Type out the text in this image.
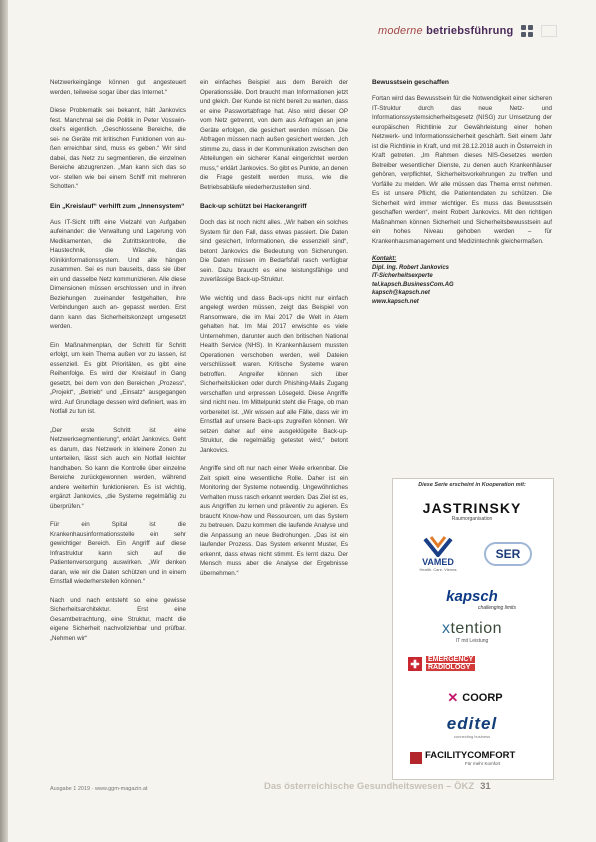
moderne betriebsführung

Netzwerkeingänge können gut angesteuert werden, teilweise sogar über das Internet.“

Diese Problematik sei bekannt, hält Jankovics fest. Manchmal sei die Politik in Peter Vosswin- ckel‘s eigentlich. „Geschlossene Bereiche, die sei- ne Geräte mit kritischen Funktionen von au- ßen erreichbar sind, muss es geben.“ Wir sind dabei, das Netz zu segmentieren, die einzelnen Bereiche abzugrenzen. „Man kann sich das so vor- stellen wie bei einem Schiff mit mehreren Schotten.“

Ein „Kreislauf“ verhilft zum „Innensystem“

Aus IT-Sicht trifft eine Vielzahl von Aufgaben aufeinander: die Verwaltung und Lagerung von Medikamenten, die Zutrittskontrolle, die Haustechnik, die Wäsche, das Klinikinformationssystem. Und alle hängen zusammen. Sei es nun bauseits, dass sie über ein und dasselbe Netz kommunizieren. Alle diese Dimensionen müssen erschlossen und in ihren Beziehungen zueinander festgehalten, ihre Verbindungen auch an- gepasst werden. Erst dann kann das Sicherheitskonzept umgesetzt werden.

Ein Maßnahmenplan, der Schritt für Schritt erfolgt, um kein Thema außen vor zu lassen, ist essenziell. Es gibt Prioritäten, es gibt eine Reihenfolge. Es wird der Kreislauf in Gang gesetzt, bei dem von den Bereichen „Prozess“, „Projekt“, „Betrieb“ und „Einsatz“ ausgegangen wird. Auf Grundlage dessen wird definiert, was im Notfall zu tun ist.

„Der erste Schritt ist eine Netzwerksegmentierung“, erklärt Jankovics. Geht es darum, das Netzwerk in kleinere Zonen zu unterteilen, lässt sich auch ein Notfall leichter handhaben. So kann die Kontrolle über einzelne Bereiche zurückgewonnen werden, während andere weiterhin funktionieren. Es ist wichtig, ergänzt Jankovics, „die Systeme regelmäßig zu überprüfen.“

Für ein Spital ist die Krankenhausinformationsstelle ein sehr gewichtiger Bereich. Ein Angriff auf diese Infrastruktur kann sich auf die Patientenversorgung auswirken. „Wir denken daran, wie wir die Daten schützen und in einem Ernstfall wiederherstellen können.“

Nach und nach entsteht so eine gewisse Sicherheitsarchitektur. Erst eine Gesamtbetrachtung, eine Struktur, macht die eigene Sicherheit nachvollziehbar und prüfbar. „Nehmen wir“

ein einfaches Beispiel aus dem Bereich der Operationssäle. Dort braucht man Informationen jetzt und gleich. Der Kunde ist nicht bereit zu warten, dass er eine Passwortabfrage hat. Also wird dieser OP vom Netz getrennt, von dem aus Anfragen an jene Geräte erfolgen, die gesichert werden müssen. Die Abfragen müssen nach außen gesichert werden. „Ich stimme zu, dass in der Kommunikation zwischen den Abteilungen ein sicherer Kanal eingerichtet werden muss,“ erklärt Jankovics. So gibt es Punkte, an denen die Frage gestellt werden muss, wie die Betriebsabläufe wiederherzustellen sind.

Back-up schützt bei Hackerangriff

Doch das ist noch nicht alles. „Wir haben ein solches System für den Fall, dass etwas passiert. Die Daten sind gesichert, Informationen, die essenziell sind“, betont Jankovics die Bedeutung von Sicherungen. Die Daten müssen im Bedarfsfall rasch verfügbar sein. Dazu braucht es eine leistungsfähige und zuverlässige Back-up-Struktur.

Wie wichtig und dass Back-ups nicht nur einfach angelegt werden müssen, zeigt das Beispiel von Ransomware, die im Mai 2017 die Welt in Atem gehalten hat. Im Mai 2017 erwischte es viele Unternehmen, darunter auch den britischen National Health Service (NHS). In Krankenhäusern mussten Operationen verschoben werden, weil Dateien verschlüsselt waren. Kritische Systeme waren betroffen. Angreifer können sich über Sicherheitslücken oder durch Phishing-Mails Zugang verschaffen und erpressen Lösegeld. Diese Angriffe sind nicht neu. Im Mittelpunkt steht die Frage, ob man vorbereitet ist. „Wir wissen auf alle Fälle, dass wir im Ernstfall auf unsere Back-ups zugreifen können. Wir setzen daher auf eine ausgeklügelte Back-up-Struktur, die regelmäßig getestet wird,“ betont Jankovics.

Angriffe sind oft nur nach einer Weile erkennbar. Die Zeit spielt eine wesentliche Rolle. Daher ist ein Monitoring der Systeme notwendig. Ungewöhnliches Verhalten muss rasch erkannt werden. Das Ziel ist es, aus Angriffen zu lernen und präventiv zu agieren. Es braucht Know-how und Ressourcen, um das System zu betreuen. Dazu kommen die laufende Analyse und die Anpassung an neue Bedrohungen. „Das ist ein laufender Prozess. Das System erkennt Muster, Es erkennt, dass etwas nicht stimmt. Es lernt dazu. Der Mensch muss aber die Analyse der Ergebnisse übernehmen.“

Bewusstsein geschaffen

Fortan wird das Bewusstsein für die Notwendigkeit einer sicheren IT-Struktur durch das neue Netz- und Informationssystemsicherheitsgesetz (NISG) zur Umsetzung der europäischen Richtlinie zur Gewährleistung einer hohen Netzwerk- und Informationssicherheit geschärft. Seit einem Jahr ist die Richtlinie in Kraft, und mit 28.12.2018 auch in Österreich in Kraft getreten. „Im Rahmen dieses NIS-Gesetzes werden Betreiber wesentlicher Dienste, zu denen auch Krankenhäuser gehören, verpflichtet, Sicherheitsvorkehrungen zu treffen und Vorfälle zu melden. Wir alle müssen das Thema ernst nehmen. Es ist unsere Pflicht, die Patientendaten zu schützen. Die Sicherheit wird immer wichtiger. Es muss das Bewusstsein geschaffen werden“, meint Robert Jankovics. Mit den richtigen Maßnahmen können Sicherheit und Sicherheitsbewusstsein auf ein hohes Niveau gehoben werden – für Krankenhausmanagement und Medizintechnik gleichermaßen.

Kontakt:
Dipl. Ing. Robert Jankovics
IT-Sicherheitsexperte
tel.kapsch.BusinessCom.AG
kapsch@kapsch.net
www.kapsch.net
Diese Serie erscheint in Kooperation mit:
JASTRINSKY
Raumorganisation
VAMED
Health. Care. Vienna
SER
kapsch
challenging limits
xtention
IT mit Leistung
✚	EMERGENCY
RADIOLOGY
✕ COORP
editel
connecting business
FACILITYCOMFORT
Für mehr Komfort
Ausgabe 1 2019 · www.ggm-magazin.at	Das österreichische Gesundheitswesen – ÖKZ 31
